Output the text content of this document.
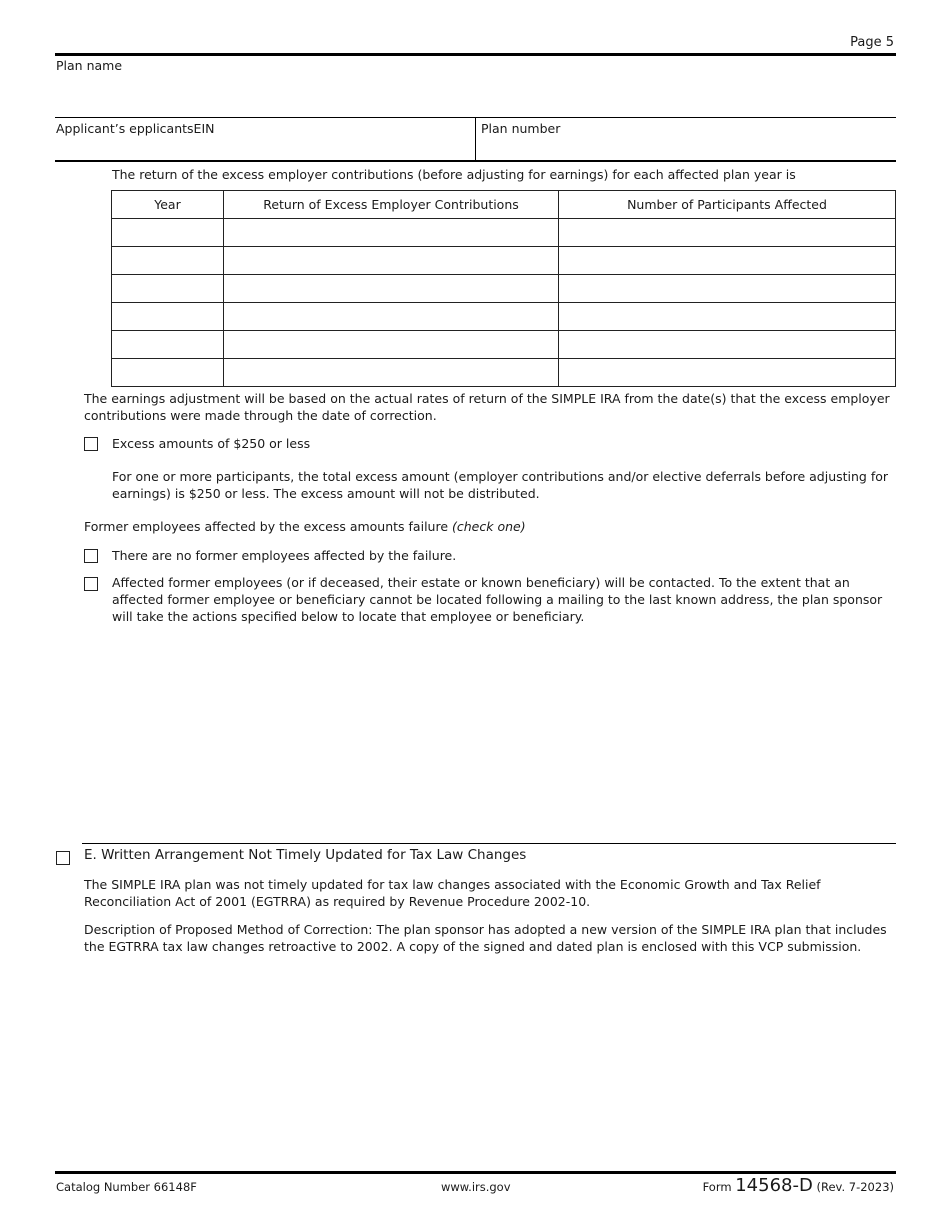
Page 5
Plan name
Applicant’s epplicantsEIN	Plan number
The return of the excess employer contributions (before adjusting for earnings) for each affected plan year is
Year	Return of Excess Employer Contributions	Number of Participants Affected

The earnings adjustment will be based on the actual rates of return of the SIMPLE IRA from the date(s) that the excess employer contributions were made through the date of correction.
Excess amounts of $250 or less
For one or more participants, the total excess amount (employer contributions and/or elective deferrals before adjusting for earnings) is $250 or less. The excess amount will not be distributed.
Former employees affected by the excess amounts failure (check one)
There are no former employees affected by the failure.
Affected former employees (or if deceased, their estate or known beneficiary) will be contacted. To the extent that an affected former employee or beneficiary cannot be located following a mailing to the last known address, the plan sponsor will take the actions specified below to locate that employee or beneficiary.
E. Written Arrangement Not Timely Updated for Tax Law Changes
The SIMPLE IRA plan was not timely updated for tax law changes associated with the Economic Growth and Tax Relief Reconciliation Act of 2001 (EGTRRA) as required by Revenue Procedure 2002-10.
Description of Proposed Method of Correction: The plan sponsor has adopted a new version of the SIMPLE IRA plan that includes the EGTRRA tax law changes retroactive to 2002. A copy of the signed and dated plan is enclosed with this VCP submission.
Catalog Number 66148F	www.irs.gov	Form 14568-D (Rev. 7-2023)
